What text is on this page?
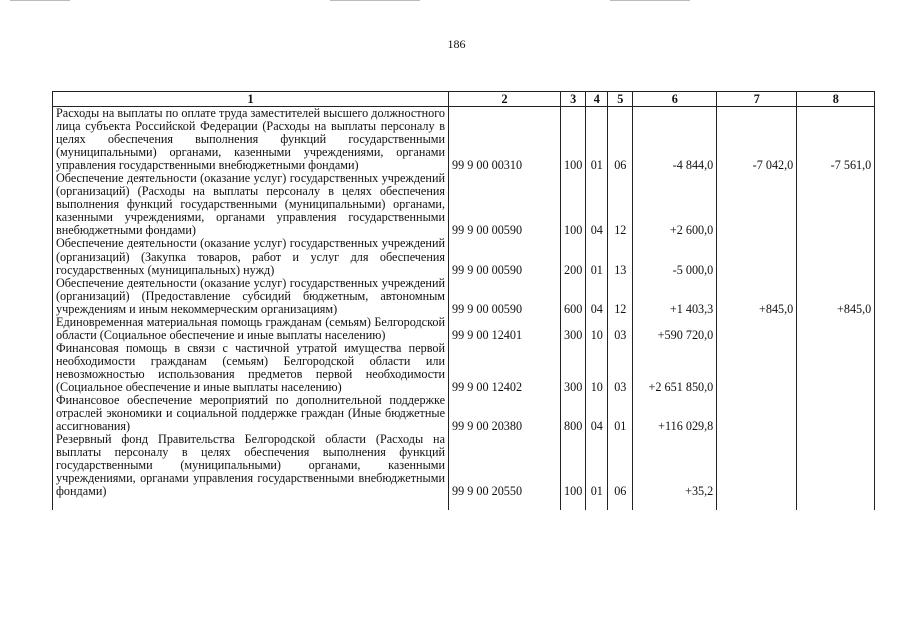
186
1	2	3	4	5	6	7	8
Расходы на выплаты по оплате труда заместителей высшего должностного лица субъекта Российской Федерации (Расходы на выплаты персоналу в целях обеспечения выполнения функций государственными (муниципальными) органами, казенными учреждениями, органами управления государственными внебюджетными фондами)	99 9 00 00310	100	01	06	-4 844,0	-7 042,0	-7 561,0
Обеспечение деятельности (оказание услуг) государственных учреждений (организаций) (Расходы на выплаты персоналу в целях обеспечения выполнения функций государственными (муниципальными) органами, казенными учреждениями, органами управления государственными внебюджетными фондами)	99 9 00 00590	100	04	12	+2 600,0		
Обеспечение деятельности (оказание услуг) государственных учреждений (организаций) (Закупка товаров, работ и услуг для обеспечения государственных (муниципальных) нужд)	99 9 00 00590	200	01	13	-5 000,0		
Обеспечение деятельности (оказание услуг) государственных учреждений (организаций) (Предоставление субсидий бюджетным, автономным учреждениям и иным некоммерческим организациям)	99 9 00 00590	600	04	12	+1 403,3	+845,0	+845,0
Единовременная материальная помощь гражданам (семьям) Белгородской области (Социальное обеспечение и иные выплаты населению)	99 9 00 12401	300	10	03	+590 720,0		
Финансовая помощь в связи с частичной утратой имущества первой необходимости гражданам (семьям) Белгородской области или невозможностью использования предметов первой необходимости (Социальное обеспечение и иные выплаты населению)	99 9 00 12402	300	10	03	+2 651 850,0		
Финансовое обеспечение мероприятий по дополнительной поддержке отраслей экономики и социальной поддержке граждан (Иные бюджетные ассигнования)	99 9 00 20380	800	04	01	+116 029,8		
Резервный фонд Правительства Белгородской области (Расходы на выплаты персоналу в целях обеспечения выполнения функций государственными (муниципальными) органами, казенными учреждениями, органами управления государственными внебюджетными фондами)	99 9 00 20550	100	01	06	+35,2		
